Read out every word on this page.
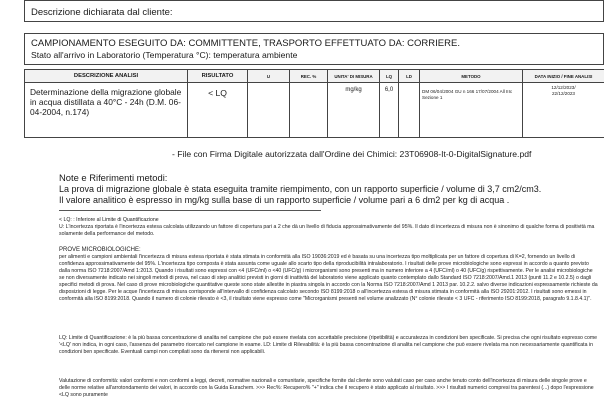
Descrizione dichiarata dal cliente:
CAMPIONAMENTO ESEGUITO DA: COMMITTENTE, TRASPORTO EFFETTUATO DA: CORRIERE.
Stato all'arrivo in Laboratorio (Temperatura °C): temperatura ambiente
DESCRIZIONE ANALISI	RISULTATO	U	REC. %	UNITA' DI MISURA	LQ	LD	METODO	DATA INIZIO / FINE ANALISI
Determinazione della migrazione globale in acqua distillata a 40°C - 24h (D.M. 06-04-2004, n.174)	< LQ			mg/kg	6,0		DM 06/04/2004 GU n 166 17/07/2004 All IIIc Sezione 1	12/12/2023/
22/12/2023
- File con Firma Digitale autorizzata dall'Ordine dei Chimici: 23T06908-It-0-DigitalSignature.pdf
Note e Riferimenti metodi:
La prova di migrazione globale è stata eseguita tramite riempimento, con un rapporto superficie / volume di 3,7 cm2/cm3.
Il valore analitico è espresso in mg/kg sulla base di un rapporto superficie / volume pari a 6 dm2 per kg di acqua .
< LQ: : Inferiore al Limite di Quantificazione
U: L'incertezza riportata è l'incertezza estesa calcolata utilizzando un fattore di copertura pari a 2 che dà un livello di fiducia approssimativamente del 95%. Il dato di incertezza di misura non è sinonimo di qualche forma di positività ma solamente della performance del metodo.
PROVE MICROBIOLOGICHE:
per alimenti e campioni ambientali l'incertezza di misura estesa riportata è stata stimata in conformità alla ISO 19036:2019 ed è basata su una incertezza tipo moltiplicata per un fattore di copertura di K=2, fornendo un livello di confidenza approssimativamente del 95%. L'incertezza tipo composta è stata assunta come uguale allo scarto tipo della riproducibilità intralaboratorio. I risultati delle prove microbiologiche sono espressi in accordo a quanto previsto dalla norma ISO 7218:2007/Amd 1:2013. Quando i risultati sono espressi con <4 (UFC/ml) o <40 (UFC/g) i microrganismi sono presenti ma in numero inferiore a 4 (UFC/ml) o 40 (UFC/g) rispettivamente. Per le analisi microbiologiche se non diversamente indicato nei singoli metodi di prova, nel caso di step analitici previsti in giorni di inattività del laboratorio viene applicato quanto contemplato dallo Standard ISO 7218:2007/Amd.1 2013 (punti 11.2 e 10.2.5) o dagli specifici metodi di prova. Nel caso di prove microbiologiche quantitative queste sono state allestite in piastra singola in accordo con la Norma ISO 7218:2007/Amd 1 2013 par. 10.2.2. salvo diverse indicazioni espressamente richieste da disposizioni di legge. Per le acque l'incertezza di misura corrisponde all'intervallo di confidenza calcolato secondo ISO 8199:2018 o all'incertezza estesa di misura stimata in conformità alla ISO 29201:2012. I risultati sono emessi in conformità alla ISO 8199:2018. Quando il numero di colonie rilevato è <3, il risultato viene espresso come "Microrganismi presenti nel volume analizzato (N° colonie rilevate < 3 UFC - riferimento ISO 8199:2018, paragrafo 9.1.8.4.1)".
LQ: Limite di Quantificazione: è la più bassa concentrazione di analita nel campione che può essere rivelata con accettabile precisione (ripetibilità) e accuratezza in condizioni ben specificate. Si precisa che ogni risultato espresso come '<LQ' non indica, in ogni caso, l'assenza del parametro ricercato nel campione in esame. LD: Limite di Rilevabilità: è la più bassa concentrazione di analita nel campione che può essere rivelata ma non necessariamente quantificata in condizioni ben specificate. Eventuali campi non compilati sono da ritenersi non applicabili.
Valutazione di conformità: valori conformi e non conformi a leggi, decreti, normative nazionali e comunitarie, specifiche fornite dal cliente sono valutati caso per caso anche tenuto conto dell'incertezza di misura delle singole prove e delle norme relative all'arrotondamento dei valori, in accordo con la Guida Eurachem. >>> Rec%: Recupero% "+" indica che il recupero è stato applicato al risultato. >>> I risultati numerici compresi tra parentesi (...) dopo l'espressione <LQ sono puramente
